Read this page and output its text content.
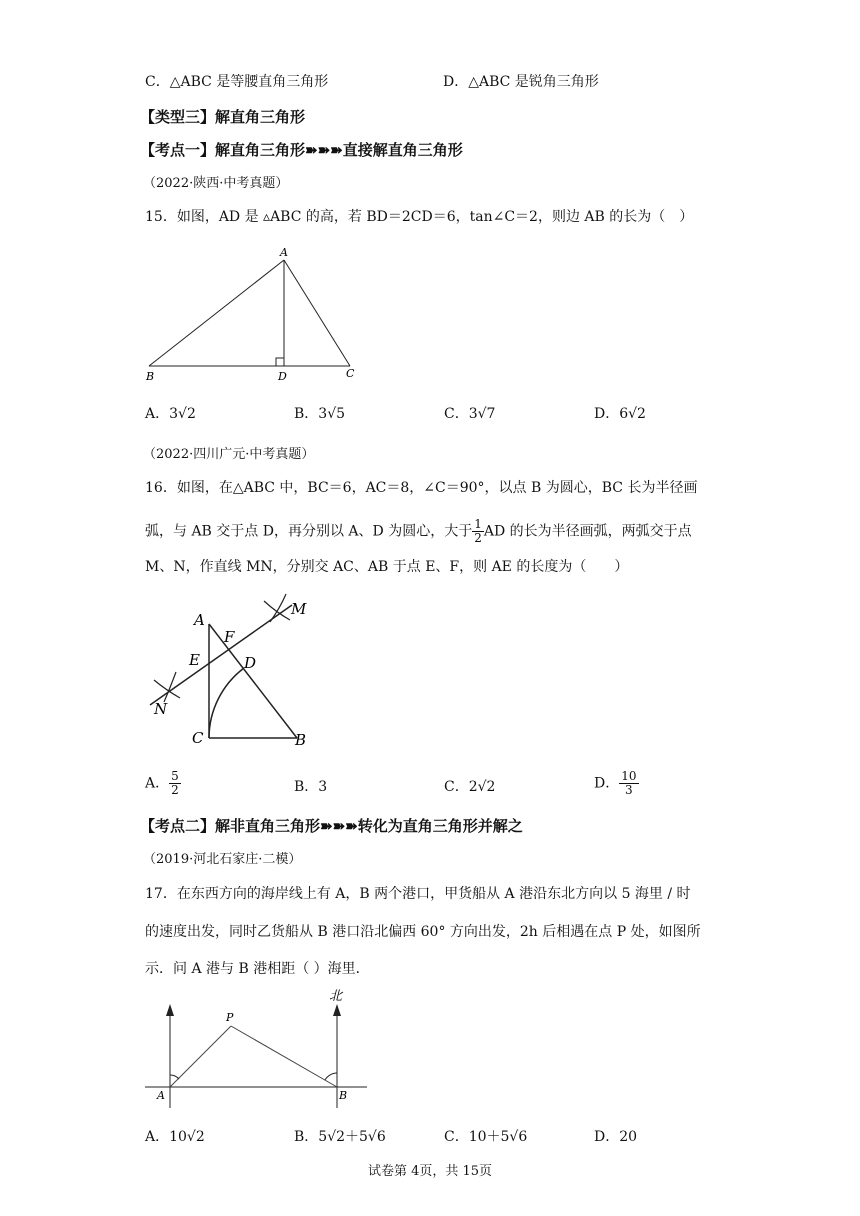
C．△ABC 是等腰直角三角形	D．△ABC 是锐角三角形
【类型三】解直角三角形
【考点一】解直角三角形➽➽➽直接解直角三角形
（2022·陕西·中考真题）
15．如图，AD 是 ▵ABC 的高，若 BD＝2CD＝6，tan∠C＝2，则边 AB 的长为（　）
A
B	D	C
A．3√2	B．3√5	C．3√7	D．6√2
（2022·四川广元·中考真题）
16．如图，在△ABC 中，BC＝6，AC＝8，∠C＝90°，以点 B 为圆心，BC 长为半径画
弧，与 AB 交于点 D，再分别以 A、D 为圆心，大于 $\frac{1}{2}$ AD 的长为半径画弧，两弧交于点
M、N，作直线 MN，分别交 AC、AB 于点 E、F，则 AE 的长度为（　　）
A
F
E	D
M
N
C	B
A． $\frac{5}{2}$	B．3	C．2√2	D． $\frac{10}{3}$
【考点二】解非直角三角形➽➽➽转化为直角三角形并解之
（2019·河北石家庄·二模）
17．在东西方向的海岸线上有 A，B 两个港口，甲货船从 A 港沿东北方向以 5 海里 / 时
的速度出发，同时乙货船从 B 港口沿北偏西 60° 方向出发，2h 后相遇在点 P 处，如图所
示．问 A 港与 B 港相距（ ）海里．
P
A	B
北
A．10√2	B．5√2＋5√6	C．10＋5√6	D．20
试卷第 4页，共 15页
